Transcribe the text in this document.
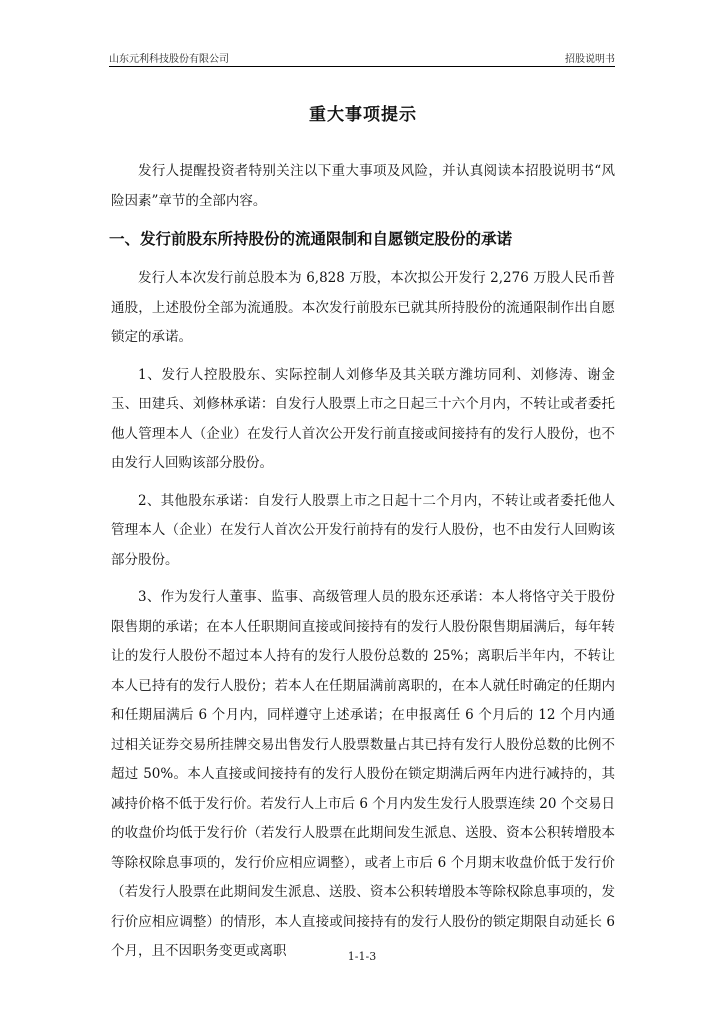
山东元利科技股份有限公司	招股说明书
重大事项提示

发行人提醒投资者特别关注以下重大事项及风险，并认真阅读本招股说明书“风险因素”章节的全部内容。

一、发行前股东所持股份的流通限制和自愿锁定股份的承诺

发行人本次发行前总股本为 6,828 万股，本次拟公开发行 2,276 万股人民币普通股，上述股份全部为流通股。本次发行前股东已就其所持股份的流通限制作出自愿锁定的承诺。

1、发行人控股股东、实际控制人刘修华及其关联方潍坊同利、刘修涛、谢金玉、田建兵、刘修林承诺：自发行人股票上市之日起三十六个月内，不转让或者委托他人管理本人（企业）在发行人首次公开发行前直接或间接持有的发行人股份，也不由发行人回购该部分股份。

2、其他股东承诺：自发行人股票上市之日起十二个月内，不转让或者委托他人管理本人（企业）在发行人首次公开发行前持有的发行人股份，也不由发行人回购该部分股份。

3、作为发行人董事、监事、高级管理人员的股东还承诺：本人将恪守关于股份限售期的承诺；在本人任职期间直接或间接持有的发行人股份限售期届满后，每年转让的发行人股份不超过本人持有的发行人股份总数的 25%；离职后半年内，不转让本人已持有的发行人股份；若本人在任期届满前离职的，在本人就任时确定的任期内和任期届满后 6 个月内，同样遵守上述承诺；在申报离任 6 个月后的 12 个月内通过相关证券交易所挂牌交易出售发行人股票数量占其已持有发行人股份总数的比例不超过 50%。本人直接或间接持有的发行人股份在锁定期满后两年内进行减持的，其减持价格不低于发行价。若发行人上市后 6 个月内发生发行人股票连续 20 个交易日的收盘价均低于发行价（若发行人股票在此期间发生派息、送股、资本公积转增股本等除权除息事项的，发行价应相应调整），或者上市后 6 个月期末收盘价低于发行价（若发行人股票在此期间发生派息、送股、资本公积转增股本等除权除息事项的，发行价应相应调整）的情形，本人直接或间接持有的发行人股份的锁定期限自动延长 6 个月，且不因职务变更或离职	1-1-3
